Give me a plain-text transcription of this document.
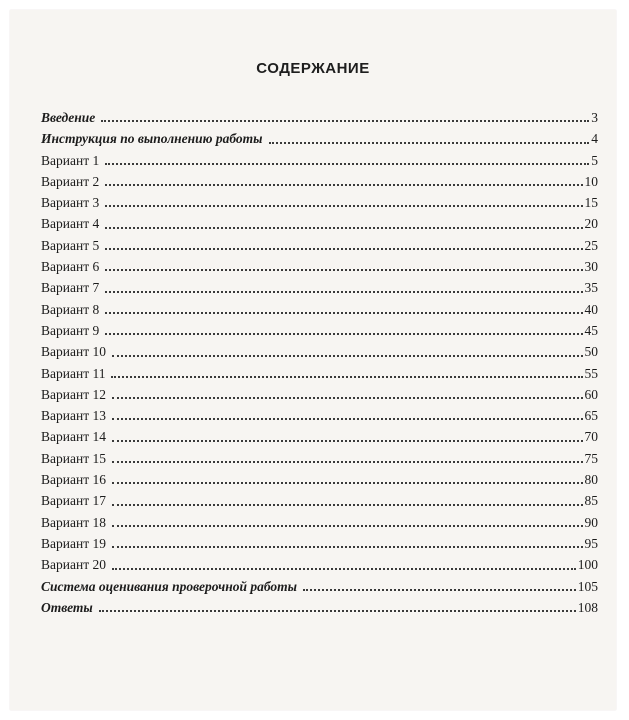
СОДЕРЖАНИЕ
Введение	3
Инструкция по выполнению работы	4
Вариант 1	5
Вариант 2	10
Вариант 3	15
Вариант 4	20
Вариант 5	25
Вариант 6	30
Вариант 7	35
Вариант 8	40
Вариант 9	45
Вариант 10	50
Вариант 11	55
Вариант 12	60
Вариант 13	65
Вариант 14	70
Вариант 15	75
Вариант 16	80
Вариант 17	85
Вариант 18	90
Вариант 19	95
Вариант 20	100
Система оценивания проверочной работы	105
Ответы	108
